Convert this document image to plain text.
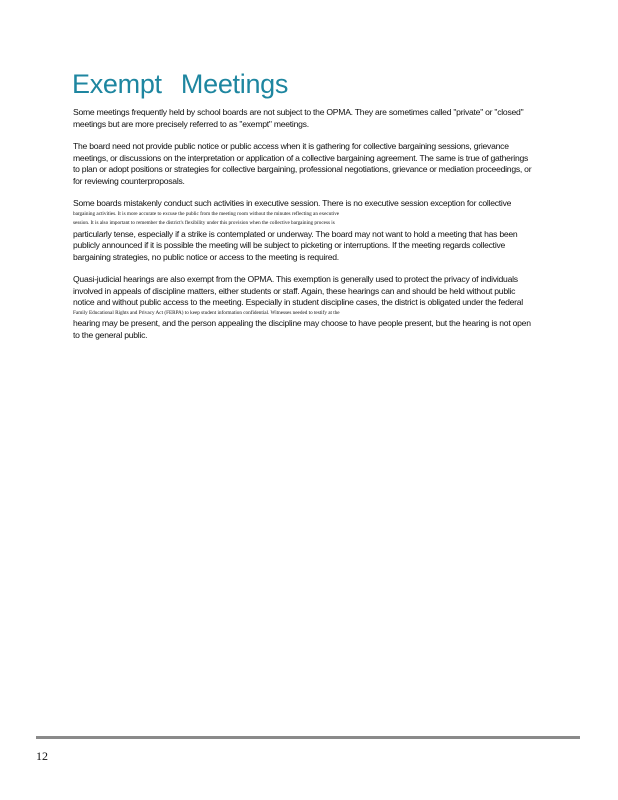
Exempt Meetings

Some meetings frequently held by school boards are not subject to the OPMA. They are sometimes called "private" or "closed"
meetings but are more precisely referred to as "exempt" meetings.

The board need not provide public notice or public access when it is gathering for collective bargaining sessions, grievance
meetings, or discussions on the interpretation or application of a collective bargaining agreement. The same is true of gatherings
to plan or adopt positions or strategies for collective bargaining, professional negotiations, grievance or mediation proceedings, or
for reviewing counterproposals.

Some boards mistakenly conduct such activities in executive session. There is no executive session exception for collective
bargaining activities. It is more accurate to excuse the public from the meeting room without the minutes reflecting an executive
session. It is also important to remember the district's flexibility under this provision when the collective bargaining process is
particularly tense, especially if a strike is contemplated or underway. The board may not want to hold a meeting that has been
publicly announced if it is possible the meeting will be subject to picketing or interruptions. If the meeting regards collective
bargaining strategies, no public notice or access to the meeting is required.

Quasi-judicial hearings are also exempt from the OPMA. This exemption is generally used to protect the privacy of individuals
involved in appeals of discipline matters, either students or staff. Again, these hearings can and should be held without public
notice and without public access to the meeting. Especially in student discipline cases, the district is obligated under the federal
Family Educational Rights and Privacy Act (FERPA) to keep student information confidential. Witnesses needed to testify at the
hearing may be present, and the person appealing the discipline may choose to have people present, but the hearing is not open
to the general public.

12
